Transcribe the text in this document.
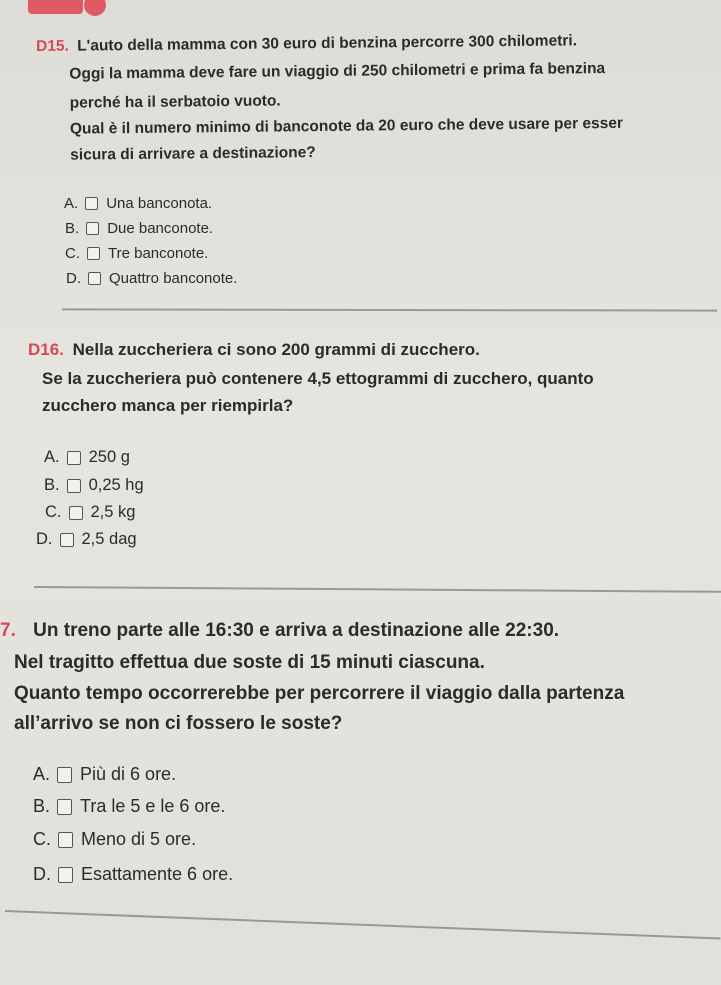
D15. L'auto della mamma con 30 euro di benzina percorre 300 chilometri.
Oggi la mamma deve fare un viaggio di 250 chilometri e prima fa benzina
perché ha il serbatoio vuoto.
Qual è il numero minimo di banconote da 20 euro che deve usare per esser
sicura di arrivare a destinazione?
A. Una banconota.
B. Due banconote.
C. Tre banconote.
D. Quattro banconote.
D16. Nella zuccheriera ci sono 200 grammi di zucchero.
Se la zuccheriera può contenere 4,5 ettogrammi di zucchero, quanto
zucchero manca per riempirla?
A. 250 g
B. 0,25 hg
C. 2,5 kg
D. 2,5 dag
7. Un treno parte alle 16:30 e arriva a destinazione alle 22:30.
Nel tragitto effettua due soste di 15 minuti ciascuna.
Quanto tempo occorrerebbe per percorrere il viaggio dalla partenza
all’arrivo se non ci fossero le soste?
A. Più di 6 ore.
B. Tra le 5 e le 6 ore.
C. Meno di 5 ore.
D. Esattamente 6 ore.
